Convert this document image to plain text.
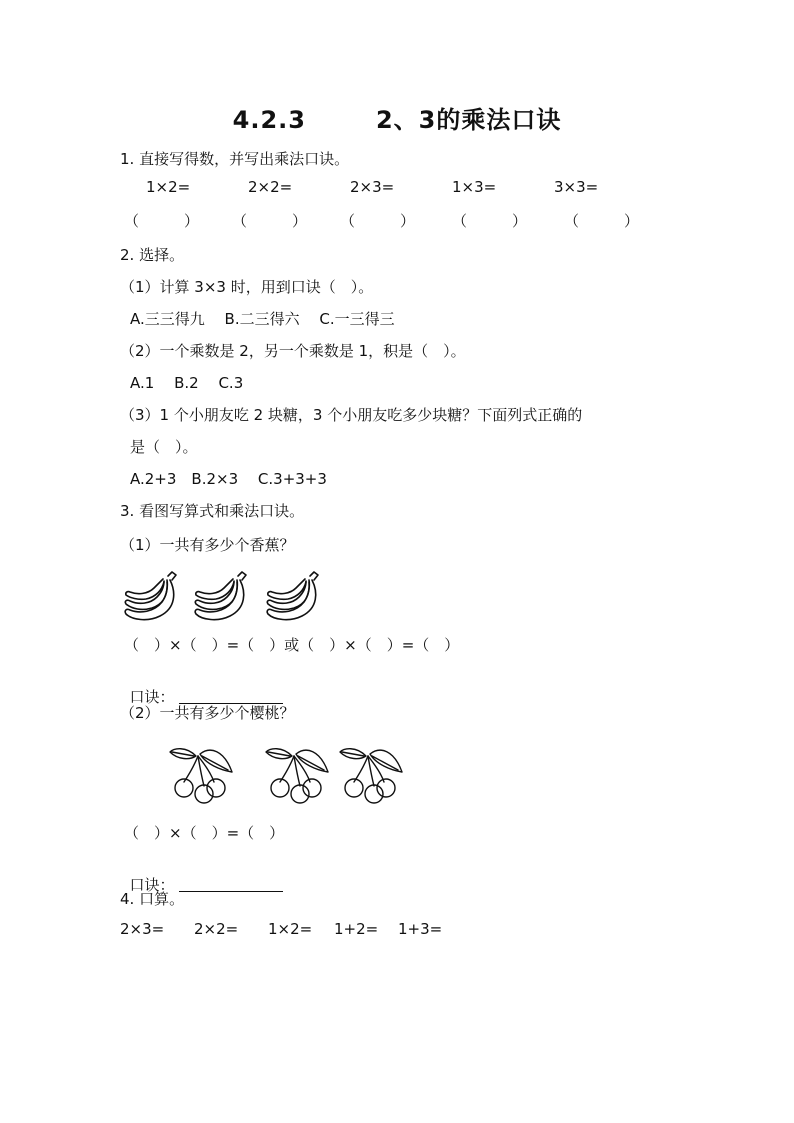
4.2.3	2、3的乘法口诀
1. 直接写得数，并写出乘法口诀。
1×2=	2×2=	2×3=	1×3=	3×3=
（　　　） （　　　） （　　　） （　　　） （　　　）
2. 选择。
（1）计算 3×3 时，用到口诀（　）。
A.三三得九　 B.二三得六　 C.一三得三
（2）一个乘数是 2，另一个乘数是 1，积是（　）。
A.1　 B.2　 C.3
（3）1 个小朋友吃 2 块糖，3 个小朋友吃多少块糖？下面列式正确的
是（　）。
A.2+3　B.2×3　 C.3+3+3
3. 看图写算式和乘法口诀。
（1）一共有多少个香蕉？
（　）×（　）=（　）或（　）×（　）=（　）

口诀：

（2）一共有多少个樱桃？
（　）×（　）=（　）

口诀：

4. 口算。
2×3= 2×2= 1×2= 1+2= 1+3=
